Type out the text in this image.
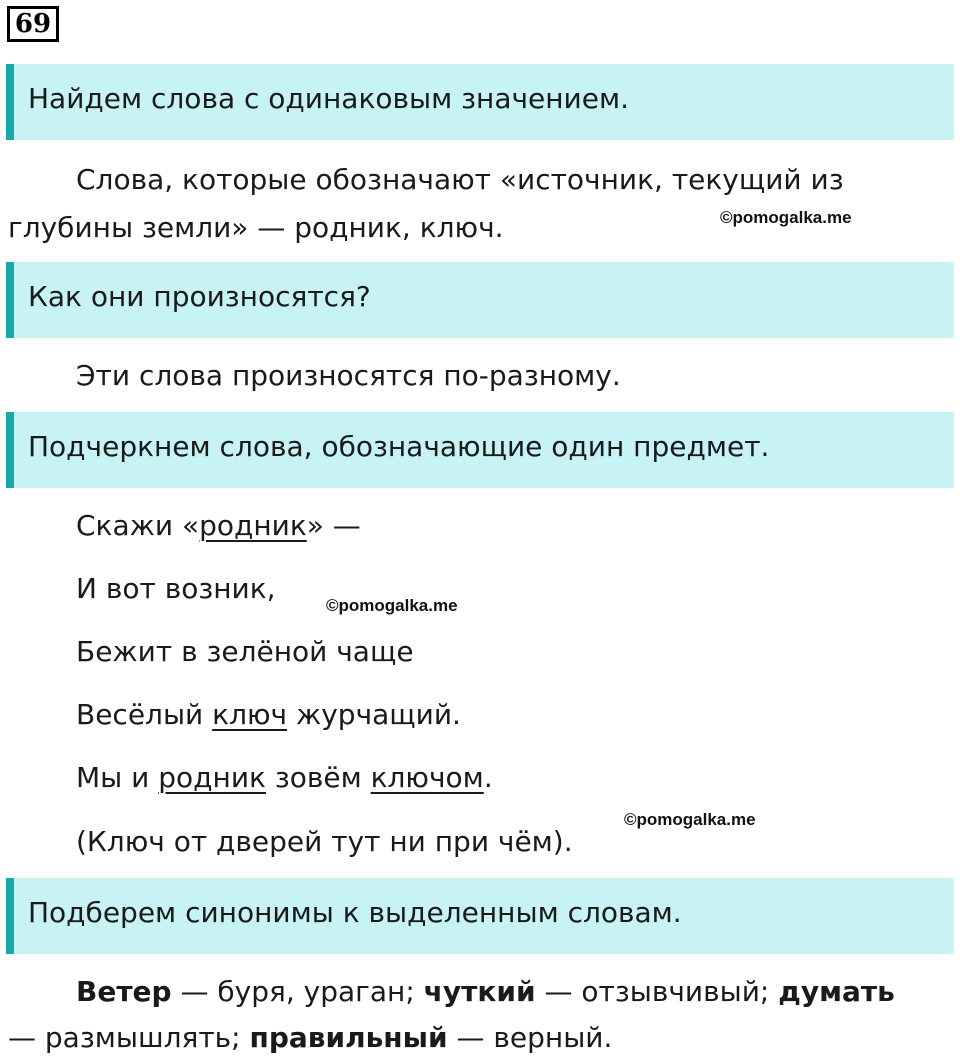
69
Найдем слова с одинаковым значением.
Слова, которые обозначают «источник, текущий из
глубины земли» — родник, ключ.	©pomogalka.me
Как они произносятся?
Эти слова произносятся по-разному.
Подчеркнем слова, обозначающие один предмет.
Скажи «родник» —
И вот возник,
©pomogalka.me
Бежит в зелёной чаще
Весёлый ключ журчащий.
Мы и родник зовём ключом.
©pomogalka.me
(Ключ от дверей тут ни при чём).
Подберем синонимы к выделенным словам.
Ветер — буря, ураган; чуткий — отзывчивый; думать
— размышлять; правильный — верный.
